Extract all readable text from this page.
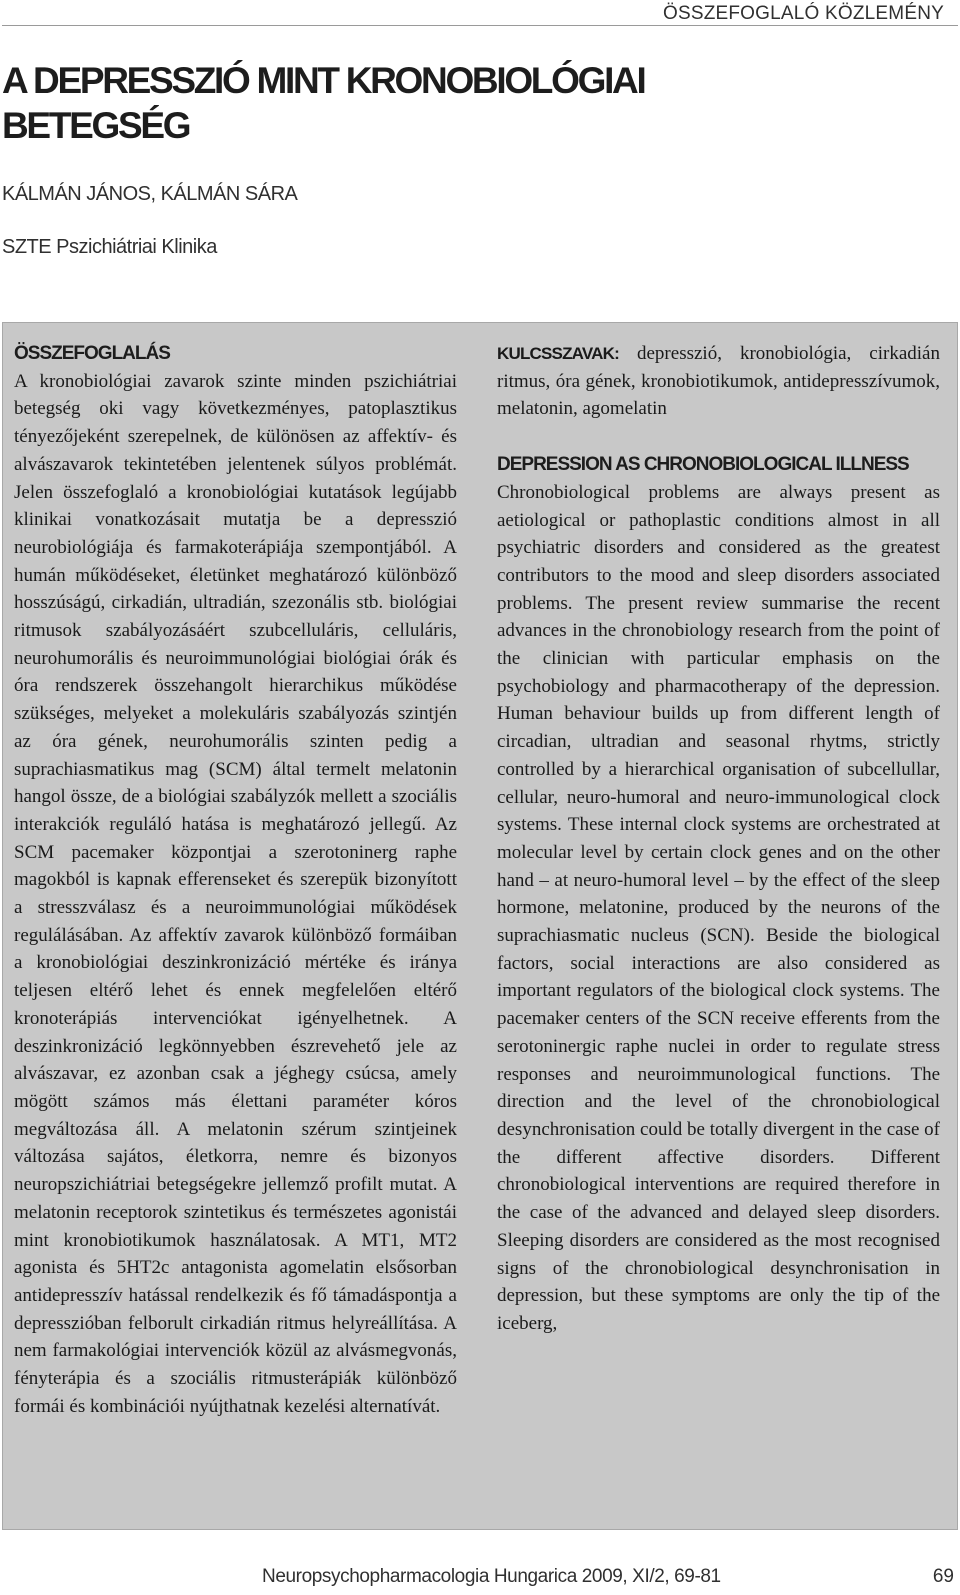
ÖSSZEFOGLALÓ KÖZLEMÉNY
A DEPRESSZIÓ MINT KRONOBIOLÓGIAI BETEGSÉG
KÁLMÁN JÁNOS, KÁLMÁN SÁRA
SZTE Pszichiátriai Klinika
ÖSSZEFOGLALÁS

A kronobiológiai zavarok szinte minden pszichiátriai betegség oki vagy következményes, patoplasztikus tényezőjeként szerepelnek, de különösen az affektív- és alvászavarok tekintetében jelentenek súlyos problémát. Jelen összefoglaló a kronobiológiai kutatások legújabb klinikai vonatkozásait mutatja be a depresszió neurobiológiája és farmakoterápiája szempontjából. A humán működéseket, életünket meghatározó különböző hosszúságú, cirkadián, ultradián, szezonális stb. biológiai ritmusok szabályozásáért szubcelluláris, celluláris, neurohumorális és neuroimmunológiai biológiai órák és óra rendszerek összehangolt hierarchikus működése szükséges, melyeket a molekuláris szabályozás szintjén az óra gének, neurohumorális szinten pedig a suprachiasmatikus mag (SCM) által termelt melatonin hangol össze, de a biológiai szabályzók mellett a szociális interakciók reguláló hatása is meghatározó jellegű. Az SCM pacemaker központjai a szerotoninerg raphe magokból is kapnak efferenseket és szerepük bizonyított a stresszválasz és a neuroimmunológiai működések regulálásában. Az affektív zavarok különböző formáiban a kronobiológiai deszinkronizáció mértéke és iránya teljesen eltérő lehet és ennek megfelelően eltérő kronoterápiás intervenciókat igényelhetnek. A deszinkronizáció legkönnyebben észrevehető jele az alvászavar, ez azonban csak a jéghegy csúcsa, amely mögött számos más élettani paraméter kóros megváltozása áll. A melatonin szérum szintjeinek változása sajátos, életkorra, nemre és bizonyos neuropszichiátriai betegségekre jellemző profilt mutat. A melatonin receptorok szintetikus és természetes agonistái mint kronobiotikumok használatosak. A MT1, MT2 agonista és 5HT2c antagonista agomelatin elsősorban antidepresszív hatással rendelkezik és fő támadáspontja a depresszióban felborult cirkadián ritmus helyreállítása. A nem farmakológiai intervenciók közül az alvásmegvonás, fényterápia és a szociális ritmusterápiák különböző formái és kombinációi nyújthatnak kezelési alternatívát.

KULCSSZAVAK: depresszió, kronobiológia, cirkadián ritmus, óra gének, kronobiotikumok, antidepresszívumok, melatonin, agomelatin

DEPRESSION AS CHRONOBIOLOGICAL ILLNESS

Chronobiological problems are always present as aetiological or pathoplastic conditions almost in all psychiatric disorders and considered as the greatest contributors to the mood and sleep disorders associated problems. The present review summarise the recent advances in the chronobiology research from the point of the clinician with particular emphasis on the psychobiology and pharmacotherapy of the depression. Human behaviour builds up from different length of circadian, ultradian and seasonal rhytms, strictly controlled by a hierarchical organisation of subcellullar, cellular, neuro-humoral and neuro-immunological clock systems. These internal clock systems are orchestrated at molecular level by certain clock genes and on the other hand – at neuro-humoral level – by the effect of the sleep hormone, melatonine, produced by the neurons of the suprachiasmatic nucleus (SCN). Beside the biological factors, social interactions are also considered as important regulators of the biological clock systems. The pacemaker centers of the SCN receive efferents from the serotoninergic raphe nuclei in order to regulate stress responses and neuroimmunological functions. The direction and the level of the chronobiological desynchronisation could be totally divergent in the case of the different affective disorders. Different chronobiological interventions are required therefore in the case of the advanced and delayed sleep disorders. Sleeping disorders are considered as the most recognised signs of the chronobiological desynchronisation in depression, but these symptoms are only the tip of the iceberg,

Neuropsychopharmacologia Hungarica 2009, XI/2, 69-81	69
